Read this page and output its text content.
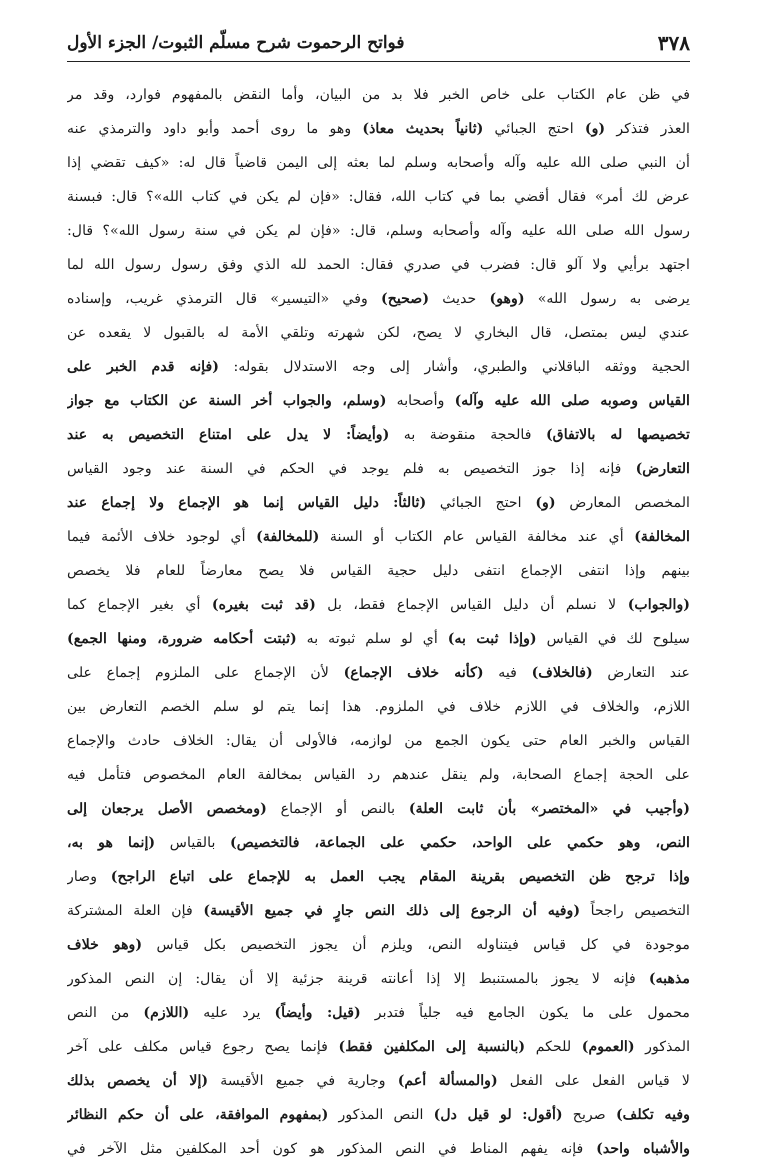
٣٧٨
فواتح الرحموت شرح مسلّم الثبوت/ الجزء الأول
في ظن عام الكتاب على خاص الخبر فلا بد من البيان، وأما النقض بالمفهوم فوارد، وقد مر
العذر فتذكر (و) احتج الجبائي (ثانياً بحديث معاذ) وهو ما روى أحمد وأبو داود والترمذي عنه
أن النبي صلى الله عليه وآله وأصحابه وسلم لما بعثه إلى اليمن قاضياً قال له: «كيف تقضي إذا
عرض لك أمر» فقال أقضي بما في كتاب الله، فقال: «فإن لم يكن في كتاب الله»؟ قال: فبسنة
رسول الله صلى الله عليه وآله وأصحابه وسلم، قال: «فإن لم يكن في سنة رسول الله»؟ قال:
اجتهد برأيي ولا آلو قال: فضرب في صدري فقال: الحمد لله الذي وفق رسول رسول الله لما
يرضى به رسول الله» (وهو) حديث (صحيح) وفي «التيسير» قال الترمذي غريب، وإسناده
عندي ليس بمتصل، قال البخاري لا يصح، لكن شهرته وتلقي الأمة له بالقبول لا يقعده عن
الحجية ووثقه الباقلاني والطبري، وأشار إلى وجه الاستدلال بقوله: (فإنه قدم الخبر على
القياس وصوبه صلى الله عليه وآله) وأصحابه (وسلم، والجواب أخر السنة عن الكتاب مع جواز
تخصيصها له بالاتفاق) فالحجة منقوضة به (وأيضاً: لا يدل على امتناع التخصيص به عند
التعارض) فإنه إذا جوز التخصيص به فلم يوجد في الحكم في السنة عند وجود القياس
المخصص المعارض (و) احتج الجبائي (ثالثاً: دليل القياس إنما هو الإجماع ولا إجماع عند
المخالفة) أي عند مخالفة القياس عام الكتاب أو السنة (للمخالفة) أي لوجود خلاف الأئمة فيما
بينهم وإذا انتفى الإجماع انتفى دليل حجية القياس فلا يصح معارضاً للعام فلا يخصص
(والجواب) لا نسلم أن دليل القياس الإجماع فقط، بل (قد ثبت بغيره) أي بغير الإجماع كما
سيلوح لك في القياس (وإذا ثبت به) أي لو سلم ثبوته به (ثبتت أحكامه ضرورة، ومنها الجمع)
عند التعارض (فالخلاف) فيه (كأنه خلاف الإجماع) لأن الإجماع على الملزوم إجماع على
اللازم، والخلاف في اللازم خلاف في الملزوم. هذا إنما يتم لو سلم الخصم التعارض بين
القياس والخبر العام حتى يكون الجمع من لوازمه، فالأولى أن يقال: الخلاف حادث والإجماع
على الحجة إجماع الصحابة، ولم ينقل عندهم رد القياس بمخالفة العام المخصوص فتأمل فيه
(وأجيب في «المختصر» بأن ثابت العلة) بالنص أو الإجماع (ومخصص الأصل يرجعان إلى
النص، وهو حكمي على الواحد، حكمي على الجماعة، فالتخصيص) بالقياس (إنما هو به،
وإذا ترجح ظن التخصيص بقرينة المقام يجب العمل به للإجماع على اتباع الراجح) وصار
التخصيص راجحاً (وفيه أن الرجوع إلى ذلك النص جارٍ في جميع الأقيسة) فإن العلة المشتركة
موجودة في كل قياس فيتناوله النص، ويلزم أن يجوز التخصيص بكل قياس (وهو خلاف
مذهبه) فإنه لا يجوز بالمستنبط إلا إذا أعانته قرينة جزئية إلا أن يقال: إن النص المذكور
محمول على ما يكون الجامع فيه جلياً فتدبر (قيل: وأيضاً) يرد عليه (اللازم) من النص
المذكور (العموم) للحكم (بالنسبة إلى المكلفين فقط) فإنما يصح رجوع قياس مكلف على آخر
لا قياس الفعل على الفعل (والمسألة أعم) وجارية في جميع الأقيسة (إلا أن يخصص بذلك
وفيه تكلف) صريح (أقول: لو قيل دل) النص المذكور (بمفهوم الموافقة، على أن حكم النظائر
والأشباه واحد) فإنه يفهم المناط في النص المذكور هو كون أحد المكلفين مثل الآخر في
